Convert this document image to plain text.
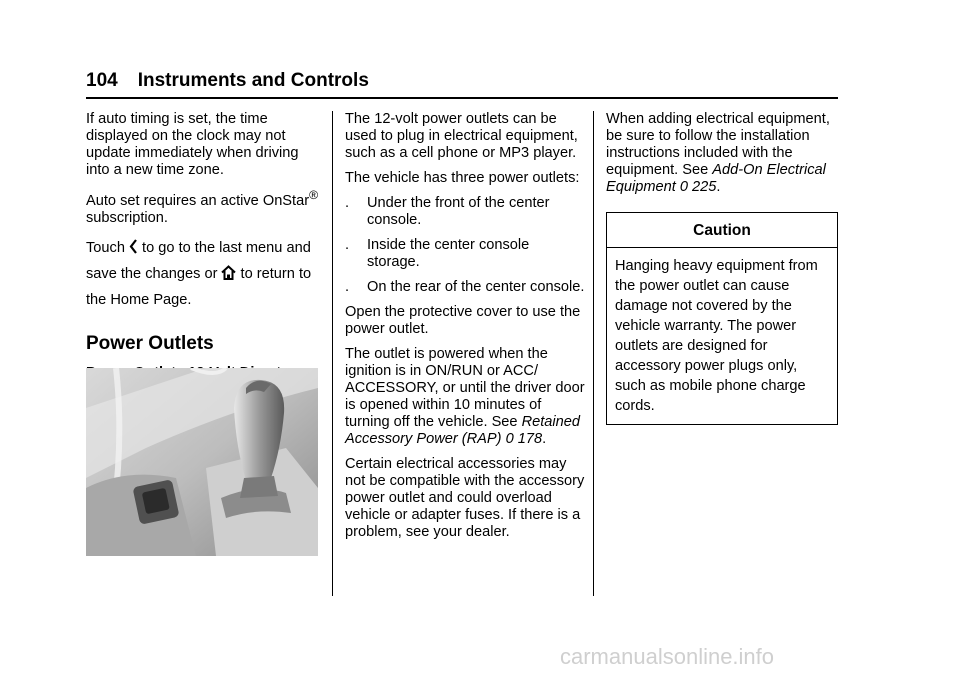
104 Instruments and Controls

If auto timing is set, the time displayed on the clock may not update immediately when driving into a new time zone.

Auto set requires an active OnStar® subscription.

Touch  to go to the last menu and save the changes or  to return to the Home Page.

Power Outlets

The 12-volt power outlets can be used to plug in electrical equipment, such as a cell phone or MP3 player.

The vehicle has three power outlets:

.	Under the front of the center console.
.	Inside the center console storage.
.	On the rear of the center console.

Open the protective cover to use the power outlet.

The outlet is powered when the ignition is in ON/RUN or ACC/ ACCESSORY, or until the driver door is opened within 10 minutes of turning off the vehicle. See Retained Accessory Power (RAP) 0 178.

Certain electrical accessories may not be compatible with the accessory power outlet and could overload vehicle or adapter fuses. If there is a problem, see your dealer.

When adding electrical equipment, be sure to follow the installation instructions included with the equipment. See Add-On Electrical Equipment 0 225.

Caution
Hanging heavy equipment from the power outlet can cause damage not covered by the vehicle warranty. The power outlets are designed for accessory power plugs only, such as mobile phone charge cords.
carmanualsonline.info
